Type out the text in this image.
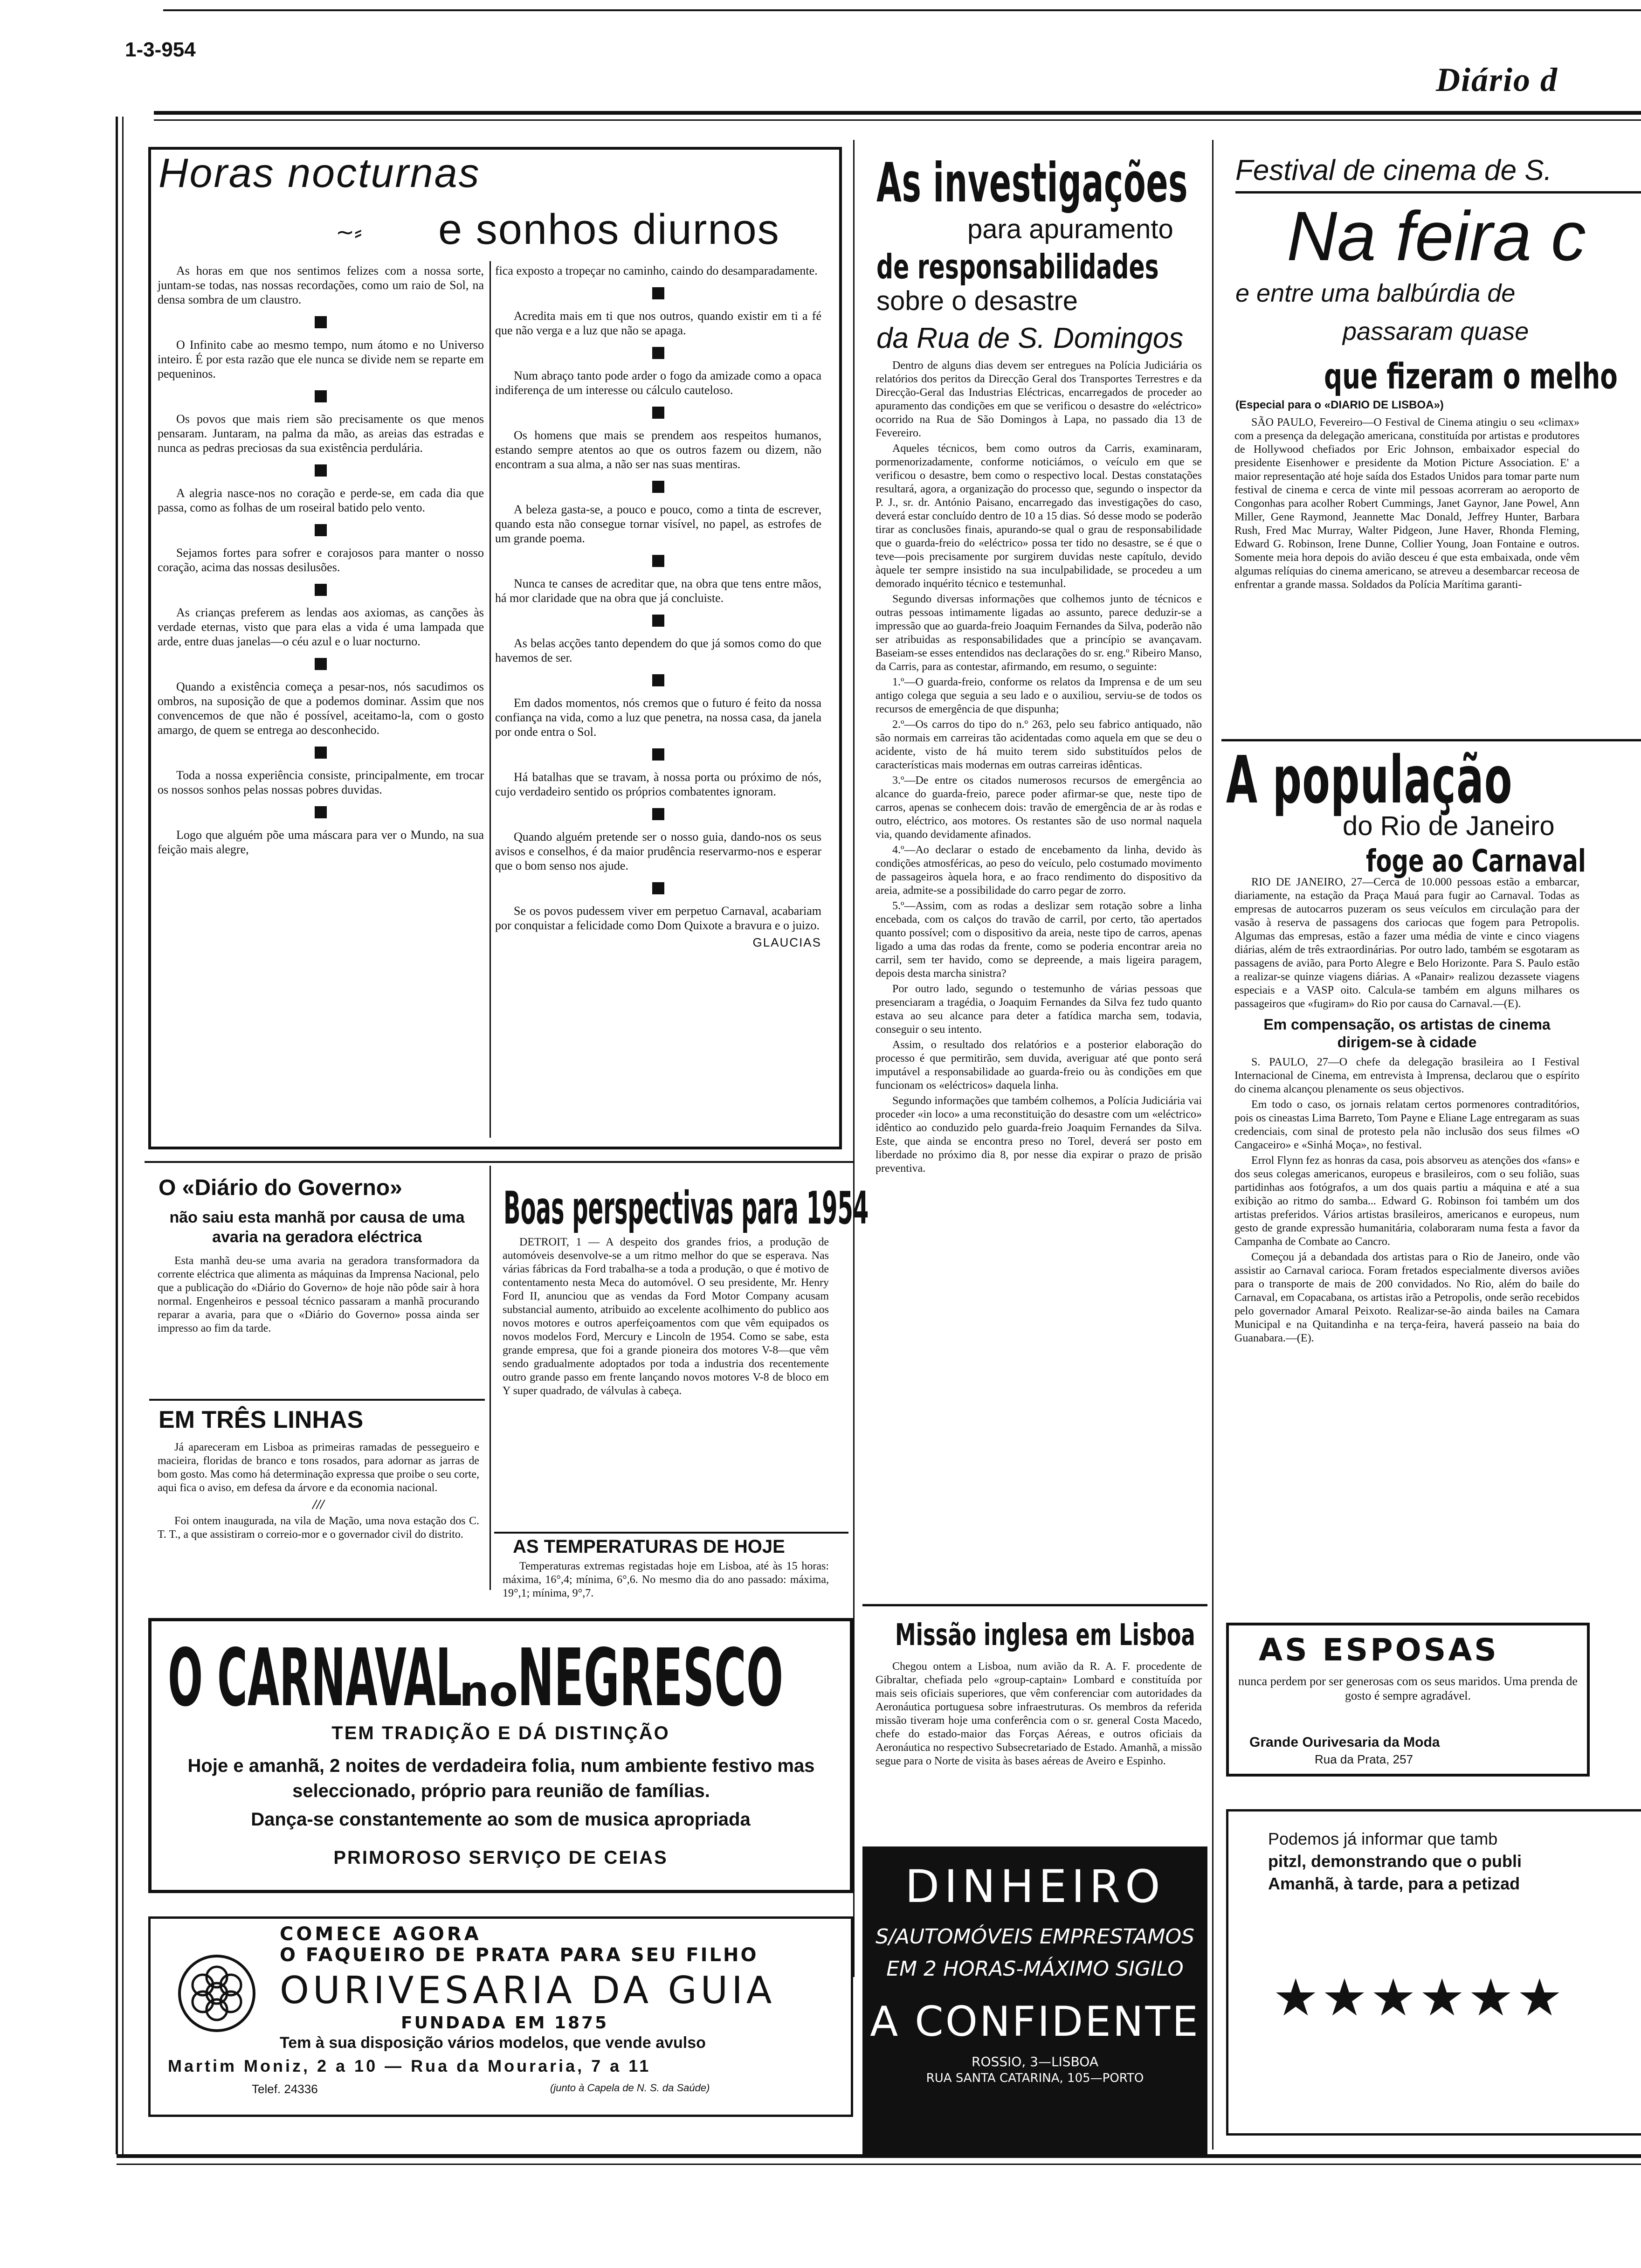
1-3-954
Diário d
Horas nocturnas
~⸗ e sonhos diurnos

As horas em que nos sentimos felizes com a nossa sorte, juntam-se todas, nas nossas recordações, como um raio de Sol, na densa sombra de um claustro.

O Infinito cabe ao mesmo tempo, num átomo e no Universo inteiro. É por esta razão que ele nunca se divide nem se reparte em pequeninos.

Os povos que mais riem são precisamente os que menos pensaram. Juntaram, na palma da mão, as areias das estradas e nunca as pedras preciosas da sua existência perdulária.

A alegria nasce-nos no coração e perde-se, em cada dia que passa, como as folhas de um roseiral batido pelo vento.

Sejamos fortes para sofrer e corajosos para manter o nosso coração, acima das nossas desilusões.

As crianças preferem as lendas aos axiomas, as canções às verdade eternas, visto que para elas a vida é uma lampada que arde, entre duas janelas—o céu azul e o luar nocturno.

Quando a existência começa a pesar-nos, nós sacudimos os ombros, na suposição de que a podemos dominar. Assim que nos convencemos de que não é possível, aceitamo-la, com o gosto amargo, de quem se entrega ao desconhecido.

Toda a nossa experiência consiste, principalmente, em trocar os nossos sonhos pelas nossas pobres duvidas.

Logo que alguém põe uma máscara para ver o Mundo, na sua feição mais alegre,

fica exposto a tropeçar no caminho, caindo do desamparadamente.

Acredita mais em ti que nos outros, quando existir em ti a fé que não verga e a luz que não se apaga.

Num abraço tanto pode arder o fogo da amizade como a opaca indiferença de um interesse ou cálculo cauteloso.

Os homens que mais se prendem aos respeitos humanos, estando sempre atentos ao que os outros fazem ou dizem, não encontram a sua alma, a não ser nas suas mentiras.

A beleza gasta-se, a pouco e pouco, como a tinta de escrever, quando esta não consegue tornar visível, no papel, as estrofes de um grande poema.

Nunca te canses de acreditar que, na obra que tens entre mãos, há mor claridade que na obra que já concluiste.

As belas acções tanto dependem do que já somos como do que havemos de ser.

Em dados momentos, nós cremos que o futuro é feito da nossa confiança na vida, como a luz que penetra, na nossa casa, da janela por onde entra o Sol.

Há batalhas que se travam, à nossa porta ou próximo de nós, cujo verdadeiro sentido os próprios combatentes ignoram.

Quando alguém pretende ser o nosso guia, dando-nos os seus avisos e conselhos, é da maior prudência reservarmo-nos e esperar que o bom senso nos ajude.

Se os povos pudessem viver em perpetuo Carnaval, acabariam por conquistar a felicidade como Dom Quixote a bravura e o juizo.

GLAUCIAS
As investigações
para apuramento
de responsabilidades
sobre o desastre
da Rua de S. Domingos

Dentro de alguns dias devem ser entregues na Polícia Judiciária os relatórios dos peritos da Direcção Geral dos Transportes Terrestres e da Direcção-Geral das Industrias Eléctricas, encarregados de proceder ao apuramento das condições em que se verificou o desastre do «eléctrico» ocorrido na Rua de São Domingos à Lapa, no passado dia 13 de Fevereiro.

Aqueles técnicos, bem como outros da Carris, examinaram, pormenorizadamente, conforme noticiámos, o veículo em que se verificou o desastre, bem como o respectivo local. Destas constatações resultará, agora, a organização do processo que, segundo o inspector da P. J., sr. dr. António Paisano, encarregado das investigações do caso, deverá estar concluído dentro de 10 a 15 dias. Só desse modo se poderão tirar as conclusões finais, apurando-se qual o grau de responsabilidade que o guarda-freio do «eléctrico» possa ter tido no desastre, se é que o teve—pois precisamente por surgirem duvidas neste capítulo, devido àquele ter sempre insistido na sua inculpabilidade, se procedeu a um demorado inquérito técnico e testemunhal.

Segundo diversas informações que colhemos junto de técnicos e outras pessoas intimamente ligadas ao assunto, parece deduzir-se a impressão que ao guarda-freio Joaquim Fernandes da Silva, poderão não ser atribuidas as responsabilidades que a princípio se avançavam. Baseiam-se esses entendidos nas declarações do sr. eng.º Ribeiro Manso, da Carris, para as contestar, afirmando, em resumo, o seguinte:

1.º—O guarda-freio, conforme os relatos da Imprensa e de um seu antigo colega que seguia a seu lado e o auxiliou, serviu-se de todos os recursos de emergência de que dispunha;

2.º—Os carros do tipo do n.º 263, pelo seu fabrico antiquado, não são normais em carreiras tão acidentadas como aquela em que se deu o acidente, visto de há muito terem sido substituídos pelos de características mais modernas em outras carreiras idênticas.

3.º—De entre os citados numerosos recursos de emergência ao alcance do guarda-freio, parece poder afirmar-se que, neste tipo de carros, apenas se conhecem dois: travão de emergência de ar às rodas e outro, eléctrico, aos motores. Os restantes são de uso normal naquela via, quando devidamente afinados.

4.º—Ao declarar o estado de encebamento da linha, devido às condições atmosféricas, ao peso do veículo, pelo costumado movimento de passageiros àquela hora, e ao fraco rendimento do dispositivo da areia, admite-se a possibilidade do carro pegar de zorro.

5.º—Assim, com as rodas a deslizar sem rotação sobre a linha encebada, com os calços do travão de carril, por certo, tão apertados quanto possível; com o dispositivo da areia, neste tipo de carros, apenas ligado a uma das rodas da frente, como se poderia encontrar areia no carril, sem ter havido, como se depreende, a mais ligeira paragem, depois desta marcha sinistra?

Por outro lado, segundo o testemunho de várias pessoas que presenciaram a tragédia, o Joaquim Fernandes da Silva fez tudo quanto estava ao seu alcance para deter a fatídica marcha sem, todavia, conseguir o seu intento.

Assim, o resultado dos relatórios e a posterior elaboração do processo é que permitirão, sem duvida, averiguar até que ponto será imputável a responsabilidade ao guarda-freio ou às condições em que funcionam os «eléctricos» daquela linha.

Segundo informações que também colhemos, a Polícia Judiciária vai proceder «in loco» a uma reconstituição do desastre com um «eléctrico» idêntico ao conduzido pelo guarda-freio Joaquim Fernandes da Silva. Este, que ainda se encontra preso no Torel, deverá ser posto em liberdade no próximo dia 8, por nesse dia expirar o prazo de prisão preventiva.

Missão inglesa em Lisboa

Chegou ontem a Lisboa, num avião da R. A. F. procedente de Gibraltar, chefiada pelo «group-captain» Lombard e constituída por mais seis oficiais superiores, que vêm conferenciar com autoridades da Aeronáutica portuguesa sobre infraestruturas. Os membros da referida missão tiveram hoje uma conferência com o sr. general Costa Macedo, chefe do estado-maior das Forças Aéreas, e outros oficiais da Aeronáutica no respectivo Subsecretariado de Estado. Amanhã, a missão segue para o Norte de visita às bases aéreas de Aveiro e Espinho.

DINHEIRO
S/AUTOMÓVEIS EMPRESTAMOS
EM 2 HORAS-MÁXIMO SIGILO
A CONFIDENTE
ROSSIO, 3—LISBOA
RUA SANTA CATARINA, 105—PORTO
Festival de cinema de S.
Na feira c
e entre uma balbúrdia de
passaram quase
que fizeram o melho
(Especial para o «DIARIO DE LISBOA»)

SÃO PAULO, Fevereiro—O Festival de Cinema atingiu o seu «climax» com a presença da delegação americana, constituída por artistas e produtores de Hollywood chefiados por Eric Johnson, embaixador especial do presidente Eisenhower e presidente da Motion Picture Association. E' a maior representação até hoje saída dos Estados Unidos para tomar parte num festival de cinema e cerca de vinte mil pessoas acorreram ao aeroporto de Congonhas para acolher Robert Cummings, Janet Gaynor, Jane Powel, Ann Miller, Gene Raymond, Jeannette Mac Donald, Jeffrey Hunter, Barbara Rush, Fred Mac Murray, Walter Pidgeon, June Haver, Rhonda Fleming, Edward G. Robinson, Irene Dunne, Collier Young, Joan Fontaine e outros. Somente meia hora depois do avião desceu é que esta embaixada, onde vêm algumas relíquias do cinema americano, se atreveu a desembarcar receosa de enfrentar a grande massa. Soldados da Polícia Marítima garanti-

A população
do Rio de Janeiro
foge ao Carnaval

RIO DE JANEIRO, 27—Cerca de 10.000 pessoas estão a embarcar, diariamente, na estação da Praça Mauá para fugir ao Carnaval. Todas as empresas de autocarros puzeram os seus veículos em circulação para der vasão à reserva de passagens dos cariocas que fogem para Petropolis. Algumas das empresas, estão a fazer uma média de vinte e cinco viagens diárias, além de três extraordinárias. Por outro lado, também se esgotaram as passagens de avião, para Porto Alegre e Belo Horizonte. Para S. Paulo estão a realizar-se quinze viagens diárias. A «Panair» realizou dezassete viagens especiais e a VASP oito. Calcula-se também em alguns milhares os passageiros que «fugiram» do Rio por causa do Carnaval.—(E).

Em compensação, os artistas de cinema dirigem-se à cidade

S. PAULO, 27—O chefe da delegação brasileira ao I Festival Internacional de Cinema, em entrevista à Imprensa, declarou que o espírito do cinema alcançou plenamente os seus objectivos.

Em todo o caso, os jornais relatam certos pormenores contraditórios, pois os cineastas Lima Barreto, Tom Payne e Eliane Lage entregaram as suas credenciais, com sinal de protesto pela não inclusão dos seus filmes «O Cangaceiro» e «Sinhá Moça», no festival.

Errol Flynn fez as honras da casa, pois absorveu as atenções dos «fans» e dos seus colegas americanos, europeus e brasileiros, com o seu folião, suas partidinhas aos fotógrafos, a um dos quais partiu a máquina e até a sua exibição ao ritmo do samba... Edward G. Robinson foi também um dos artistas preferidos. Vários artistas brasileiros, americanos e europeus, num gesto de grande expressão humanitária, colaboraram numa festa a favor da Campanha de Combate ao Cancro.

Começou já a debandada dos artistas para o Rio de Janeiro, onde vão assistir ao Carnaval carioca. Foram fretados especialmente diversos aviões para o transporte de mais de 200 convidados. No Rio, além do baile do Carnaval, em Copacabana, os artistas irão a Petropolis, onde serão recebidos pelo governador Amaral Peixoto. Realizar-se-ão ainda bailes na Camara Municipal e na Quitandinha e na terça-feira, haverá passeio na baia do Guanabara.—(E).

AS ESPOSAS
nunca perdem por ser generosas com os seus maridos. Uma prenda de gosto é sempre agradável.
Grande Ourivesaria da Moda
Rua da Prata, 257
Podemos já informar que tamb
pitzl, demonstrando que o publi
Amanhã, à tarde, para a petizad
★★★★★★
O «Diário do Governo»
não saiu esta manhã por causa de uma avaria na geradora eléctrica

Esta manhã deu-se uma avaria na geradora transformadora da corrente eléctrica que alimenta as máquinas da Imprensa Nacional, pelo que a publicação do «Diário do Governo» de hoje não pôde sair à hora normal. Engenheiros e pessoal técnico passaram a manhã procurando reparar a avaria, para que o «Diário do Governo» possa ainda ser impresso ao fim da tarde.

EM TRÊS LINHAS

Já apareceram em Lisboa as primeiras ramadas de pessegueiro e macieira, floridas de branco e tons rosados, para adornar as jarras de bom gosto. Mas como há determinação expressa que proibe o seu corte, aqui fica o aviso, em defesa da árvore e da economia nacional.

///

Foi ontem inaugurada, na vila de Mação, uma nova estação dos C. T. T., a que assistiram o correio-mor e o governador civil do distrito.

Boas perspectivas para 1954

DETROIT, 1 — A despeito dos grandes frios, a produção de automóveis desenvolve-se a um ritmo melhor do que se esperava. Nas várias fábricas da Ford trabalha-se a toda a produção, o que é motivo de contentamento nesta Meca do automóvel. O seu presidente, Mr. Henry Ford II, anunciou que as vendas da Ford Motor Company acusam substancial aumento, atribuido ao excelente acolhimento do publico aos novos motores e outros aperfeiçoamentos com que vêm equipados os novos modelos Ford, Mercury e Lincoln de 1954. Como se sabe, esta grande empresa, que foi a grande pioneira dos motores V-8—que vêm sendo gradualmente adoptados por toda a industria dos recentemente outro grande passo em frente lançando novos motores V-8 de bloco em Y super quadrado, de válvulas à cabeça.

AS TEMPERATURAS DE HOJE

Temperaturas extremas registadas hoje em Lisboa, até às 15 horas: máxima, 16°,4; mínima, 6°,6. No mesmo dia do ano passado: máxima, 19°,1; mínima, 9°,7.

O CARNAVAL
no NEGRESCO
TEM TRADIÇÃO E DÁ DISTINÇÃO
Hoje e amanhã, 2 noites de verdadeira folia, num ambiente festivo mas seleccionado, próprio para reunião de famílias.
Dança-se constantemente ao som de musica apropriada
PRIMOROSO SERVIÇO DE CEIAS
COMECE AGORA
O FAQUEIRO DE PRATA PARA SEU FILHO
OURIVESARIA DA GUIA
FUNDADA EM 1875
Tem à sua disposição vários modelos, que vende avulso
Martim Moniz, 2 a 10 — Rua da Mouraria, 7 a 11
Telef. 24336	(junto à Capela de N. S. da Saúde)
